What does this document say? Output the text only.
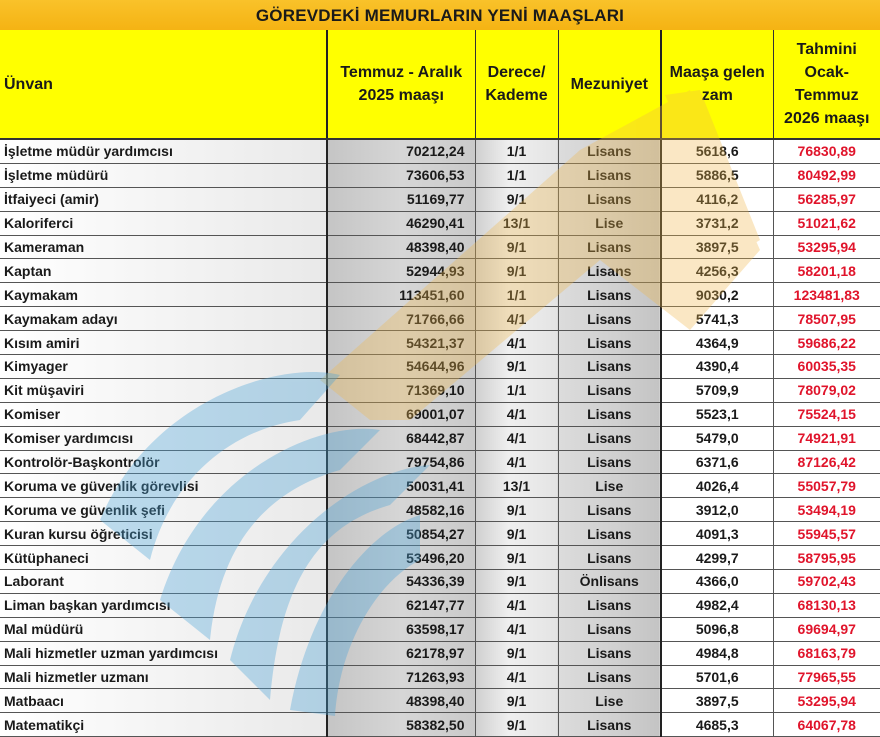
GÖREVDEKİ MEMURLARIN YENİ MAAŞLARI
Ünvan	Temmuz - Aralık 2025 maaşı	Derece/ Kademe	Mezuniyet	Maaşa gelen zam	Tahmini Ocak-Temmuz 2026 maaşı
İşletme müdür yardımcısı	70212,24	1/1	Lisans	5618,6	76830,89
İşletme müdürü	73606,53	1/1	Lisans	5886,5	80492,99
İtfaiyeci (amir)	51169,77	9/1	Lisans	4116,2	56285,97
Kaloriferci	46290,41	13/1	Lise	3731,2	51021,62
Kameraman	48398,40	9/1	Lisans	3897,5	53295,94
Kaptan	52944,93	9/1	Lisans	4256,3	58201,18
Kaymakam	113451,60	1/1	Lisans	9030,2	123481,83
Kaymakam adayı	71766,66	4/1	Lisans	5741,3	78507,95
Kısım amiri	54321,37	4/1	Lisans	4364,9	59686,22
Kimyager	54644,96	9/1	Lisans	4390,4	60035,35
Kit müşaviri	71369,10	1/1	Lisans	5709,9	78079,02
Komiser	69001,07	4/1	Lisans	5523,1	75524,15
Komiser yardımcısı	68442,87	4/1	Lisans	5479,0	74921,91
Kontrolör-Başkontrolör	79754,86	4/1	Lisans	6371,6	87126,42
Koruma ve güvenlik görevlisi	50031,41	13/1	Lise	4026,4	55057,79
Koruma ve güvenlik şefi	48582,16	9/1	Lisans	3912,0	53494,19
Kuran kursu öğreticisi	50854,27	9/1	Lisans	4091,3	55945,57
Kütüphaneci	53496,20	9/1	Lisans	4299,7	58795,95
Laborant	54336,39	9/1	Önlisans	4366,0	59702,43
Liman başkan yardımcısı	62147,77	4/1	Lisans	4982,4	68130,13
Mal müdürü	63598,17	4/1	Lisans	5096,8	69694,97
Mali hizmetler uzman yardımcısı	62178,97	9/1	Lisans	4984,8	68163,79
Mali hizmetler uzmanı	71263,93	4/1	Lisans	5701,6	77965,55
Matbaacı	48398,40	9/1	Lise	3897,5	53295,94
Matematikçi	58382,50	9/1	Lisans	4685,3	64067,78
